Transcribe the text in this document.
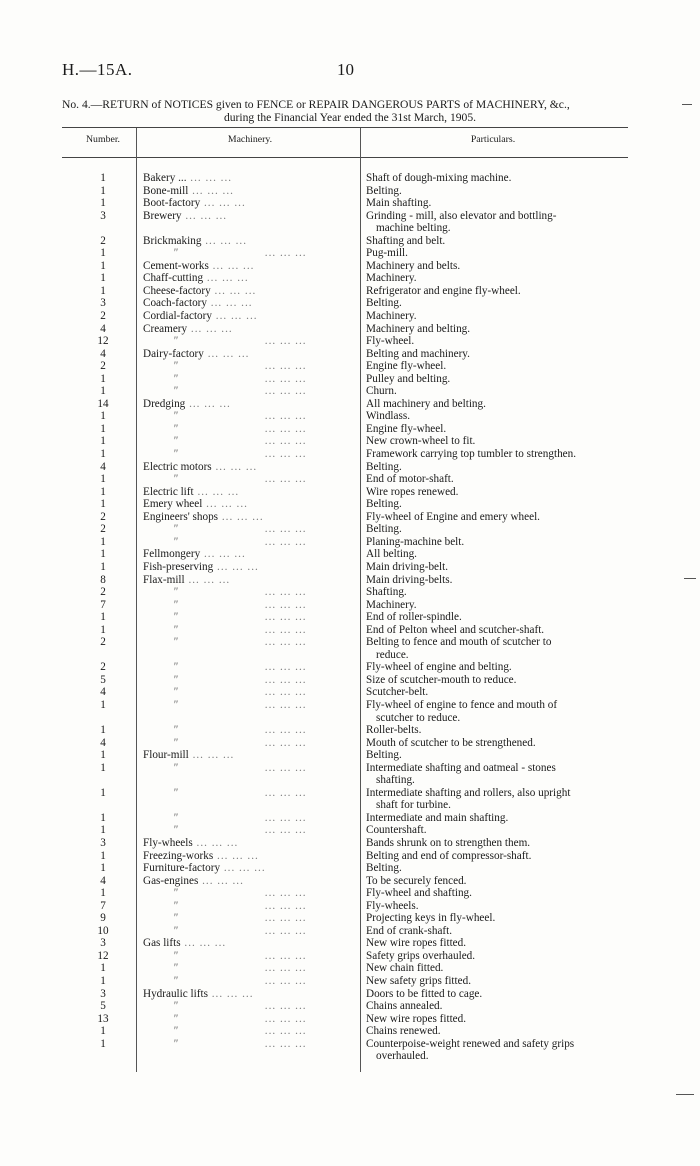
H.—15A.	10
No. 4.—RETURN of NOTICES given to FENCE or REPAIR DANGEROUS PARTS of MACHINERY, &c.,
during the Financial Year ended the 31st March, 1905.
Number.	Machinery.	Particulars.
1	Bakery ... ... ... ...	Shaft of dough-mixing machine.
1	Bone-mill ... ... ...	Belting.
1	Boot-factory ... ... ...	Main shafting.
3	Brewery ... ... ...	Grinding - mill, also elevator and bottling-
machine belting.
2	Brickmaking ... ... ...	Shafting and belt.
1	"	... ... ...	Pug-mill.
1	Cement-works ... ... ...	Machinery and belts.
1	Chaff-cutting ... ... ...	Machinery.
1	Cheese-factory ... ... ...	Refrigerator and engine fly-wheel.
3	Coach-factory ... ... ...	Belting.
2	Cordial-factory ... ... ...	Machinery.
4	Creamery ... ... ...	Machinery and belting.
12	"	... ... ...	Fly-wheel.
4	Dairy-factory ... ... ...	Belting and machinery.
2	"	... ... ...	Engine fly-wheel.
1	"	... ... ...	Pulley and belting.
1	"	... ... ...	Churn.
14	Dredging ... ... ...	All machinery and belting.
1	"	... ... ...	Windlass.
1	"	... ... ...	Engine fly-wheel.
1	"	... ... ...	New crown-wheel to fit.
1	"	... ... ...	Framework carrying top tumbler to strengthen.
4	Electric motors ... ... ...	Belting.
1	"	... ... ...	End of motor-shaft.
1	Electric lift ... ... ...	Wire ropes renewed.
1	Emery wheel ... ... ...	Belting.
2	Engineers' shops ... ... ...	Fly-wheel of Engine and emery wheel.
2	"	... ... ...	Belting.
1	"	... ... ...	Planing-machine belt.
1	Fellmongery ... ... ...	All belting.
1	Fish-preserving ... ... ...	Main driving-belt.
8	Flax-mill ... ... ...	Main driving-belts.
2	"	... ... ...	Shafting.
7	"	... ... ...	Machinery.
1	"	... ... ...	End of roller-spindle.
1	"	... ... ...	End of Pelton wheel and scutcher-shaft.
2	"	... ... ...	Belting to fence and mouth of scutcher to
reduce.
2	"	... ... ...	Fly-wheel of engine and belting.
5	"	... ... ...	Size of scutcher-mouth to reduce.
4	"	... ... ...	Scutcher-belt.
1	"	... ... ...	Fly-wheel of engine to fence and mouth of
scutcher to reduce.
1	"	... ... ...	Roller-belts.
4	"	... ... ...	Mouth of scutcher to be strengthened.
1	Flour-mill ... ... ...	Belting.
1	"	... ... ...	Intermediate shafting and oatmeal - stones
shafting.
1	"	... ... ...	Intermediate shafting and rollers, also upright
shaft for turbine.
1	"	... ... ...	Intermediate and main shafting.
1	"	... ... ...	Countershaft.
3	Fly-wheels ... ... ...	Bands shrunk on to strengthen them.
1	Freezing-works ... ... ...	Belting and end of compressor-shaft.
1	Furniture-factory ... ... ...	Belting.
4	Gas-engines ... ... ...	To be securely fenced.
1	"	... ... ...	Fly-wheel and shafting.
7	"	... ... ...	Fly-wheels.
9	"	... ... ...	Projecting keys in fly-wheel.
10	"	... ... ...	End of crank-shaft.
3	Gas lifts ... ... ...	New wire ropes fitted.
12	"	... ... ...	Safety grips overhauled.
1	"	... ... ...	New chain fitted.
1	"	... ... ...	New safety grips fitted.
3	Hydraulic lifts ... ... ...	Doors to be fitted to cage.
5	"	... ... ...	Chains annealed.
13	"	... ... ...	New wire ropes fitted.
1	"	... ... ...	Chains renewed.
1	"	... ... ...	Counterpoise-weight renewed and safety grips
overhauled.
